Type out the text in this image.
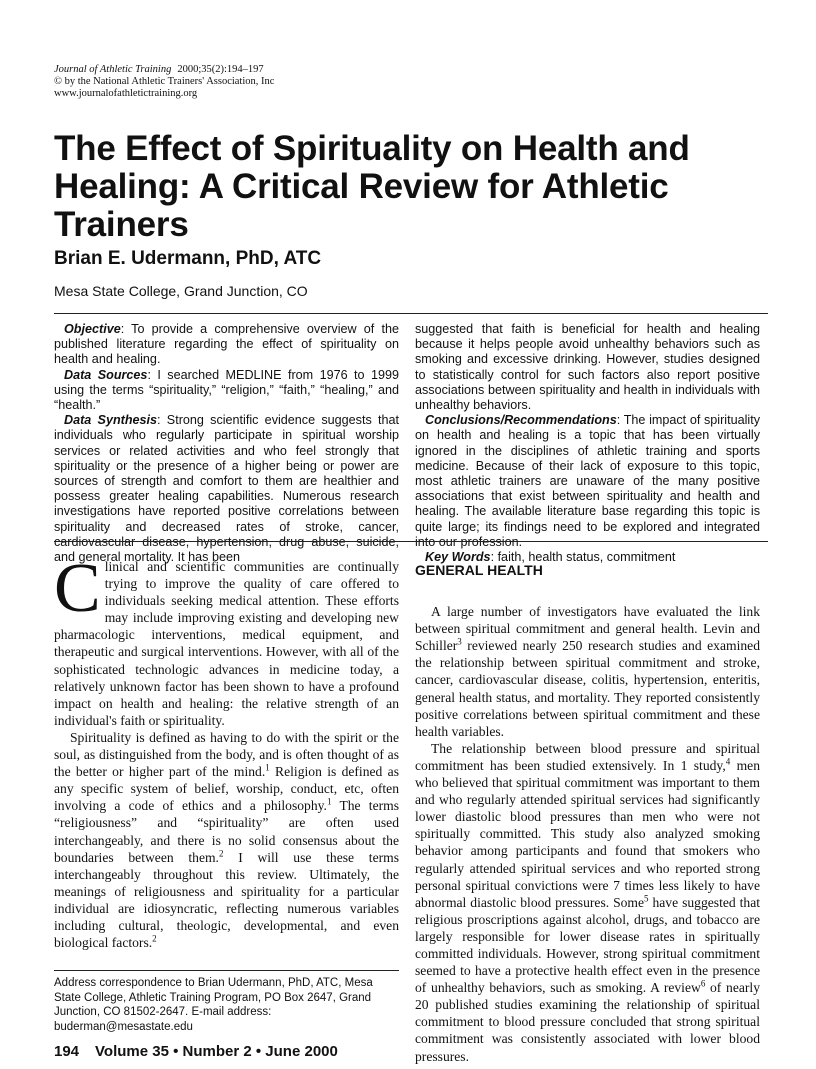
Journal of Athletic Training 2000;35(2):194–197
© by the National Athletic Trainers' Association, Inc
www.journalofathletictraining.org
The Effect of Spirituality on Health and Healing: A Critical Review for Athletic Trainers
Brian E. Udermann, PhD, ATC
Mesa State College, Grand Junction, CO

Objective: To provide a comprehensive overview of the published literature regarding the effect of spirituality on health and healing.

Data Sources: I searched MEDLINE from 1976 to 1999 using the terms “spirituality,” “religion,” “faith,” “healing,” and “health.”

Data Synthesis: Strong scientific evidence suggests that individuals who regularly participate in spiritual worship services or related activities and who feel strongly that spirituality or the presence of a higher being or power are sources of strength and comfort to them are healthier and possess greater healing capabilities. Numerous research investigations have reported positive correlations between spirituality and decreased rates of stroke, cancer, cardiovascular disease, hypertension, drug abuse, suicide, and general mortality. It has been

suggested that faith is beneficial for health and healing because it helps people avoid unhealthy behaviors such as smoking and excessive drinking. However, studies designed to statistically control for such factors also report positive associations between spirituality and health in individuals with unhealthy behaviors.

Conclusions/Recommendations: The impact of spirituality on health and healing is a topic that has been virtually ignored in the disciplines of athletic training and sports medicine. Because of their lack of exposure to this topic, most athletic trainers are unaware of the many positive associations that exist between spirituality and health and healing. The available literature base regarding this topic is quite large; its findings need to be explored and integrated into our profession.

Key Words: faith, health status, commitment

Clinical and scientific communities are continually trying to improve the quality of care offered to individuals seeking medical attention. These efforts may include improving existing and developing new pharmacologic interventions, medical equipment, and therapeutic and surgical interventions. However, with all of the sophisticated technologic advances in medicine today, a relatively unknown factor has been shown to have a profound impact on health and healing: the relative strength of an individual's faith or spirituality.

Spirituality is defined as having to do with the spirit or the soul, as distinguished from the body, and is often thought of as the better or higher part of the mind.$^1$ Religion is defined as any specific system of belief, worship, conduct, etc, often involving a code of ethics and a philosophy.$^1$ The terms “religiousness” and “spirituality” are often used interchangeably, and there is no solid consensus about the boundaries between them.$^2$ I will use these terms interchangeably throughout this review. Ultimately, the meanings of religiousness and spirituality for a particular individual are idiosyncratic, reflecting numerous variables including cultural, theologic, developmental, and even biological factors.$^2$

GENERAL HEALTH

A large number of investigators have evaluated the link between spiritual commitment and general health. Levin and Schiller$^3$ reviewed nearly 250 research studies and examined the relationship between spiritual commitment and stroke, cancer, cardiovascular disease, colitis, hypertension, enteritis, general health status, and mortality. They reported consistently positive correlations between spiritual commitment and these health variables.

The relationship between blood pressure and spiritual commitment has been studied extensively. In 1 study,$^4$ men who believed that spiritual commitment was important to them and who regularly attended spiritual services had significantly lower diastolic blood pressures than men who were not spiritually committed. This study also analyzed smoking behavior among participants and found that smokers who regularly attended spiritual services and who reported strong personal spiritual convictions were 7 times less likely to have abnormal diastolic blood pressures. Some$^5$ have suggested that religious proscriptions against alcohol, drugs, and tobacco are largely responsible for lower disease rates in spiritually committed individuals. However, strong spiritual commitment seemed to have a protective health effect even in the presence of unhealthy behaviors, such as smoking. A review$^6$ of nearly 20 published studies examining the relationship of spiritual commitment to blood pressure concluded that strong spiritual commitment was consistently associated with lower blood pressures.

Address correspondence to Brian Udermann, PhD, ATC, Mesa State College, Athletic Training Program, PO Box 2647, Grand Junction, CO 81502-2647. E-mail address: buderman@mesastate.edu
194 Volume 35 • Number 2 • June 2000
